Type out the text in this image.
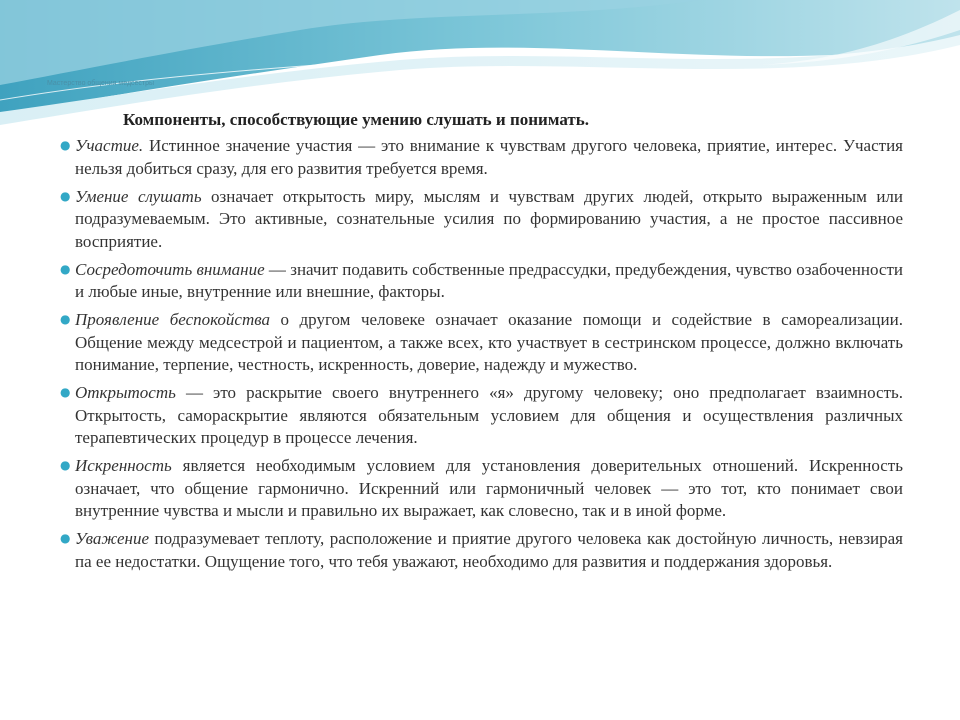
Мастерство общения медсестры
Компоненты, способствующие умению слушать и понимать.
● Участие. Истинное значение участия — это внимание к чувствам другого человека, приятие, интерес. Участия нельзя добиться сразу, для его развития требуется время.

● Умение слушать означает открытость миру, мыслям и чувствам других людей, открыто выраженным или подразумеваемым. Это активные, сознательные усилия по формированию участия, а не простое пассивное восприятие.

● Сосредоточить внимание — значит подавить собственные предрассудки, предубеждения, чувство озабоченности и любые иные, внутренние или внешние, факторы.

● Проявление беспокойства о другом человеке означает оказание помощи и содействие в самореализации. Общение между медсестрой и пациентом, а также всех, кто участвует в сестринском процессе, должно включать понимание, терпение, честность, искренность, доверие, надежду и мужество.

● Открытость — это раскрытие своего внутреннего «я» другому человеку; оно предполагает взаимность. Открытость, самораскрытие являются обязательным условием для общения и осуществления различных терапевтических процедур в процессе лечения.

● Искренность является необходимым условием для установления доверительных отношений. Искренность означает, что общение гармонично. Искренний или гармоничный человек — это тот, кто понимает свои внутренние чувства и мысли и правильно их выражает, как словесно, так и в иной форме.

● Уважение подразумевает теплоту, расположение и приятие другого человека как достойную личность, невзирая па ее недостатки. Ощущение того, что тебя уважают, необходимо для развития и поддержания здоровья.
